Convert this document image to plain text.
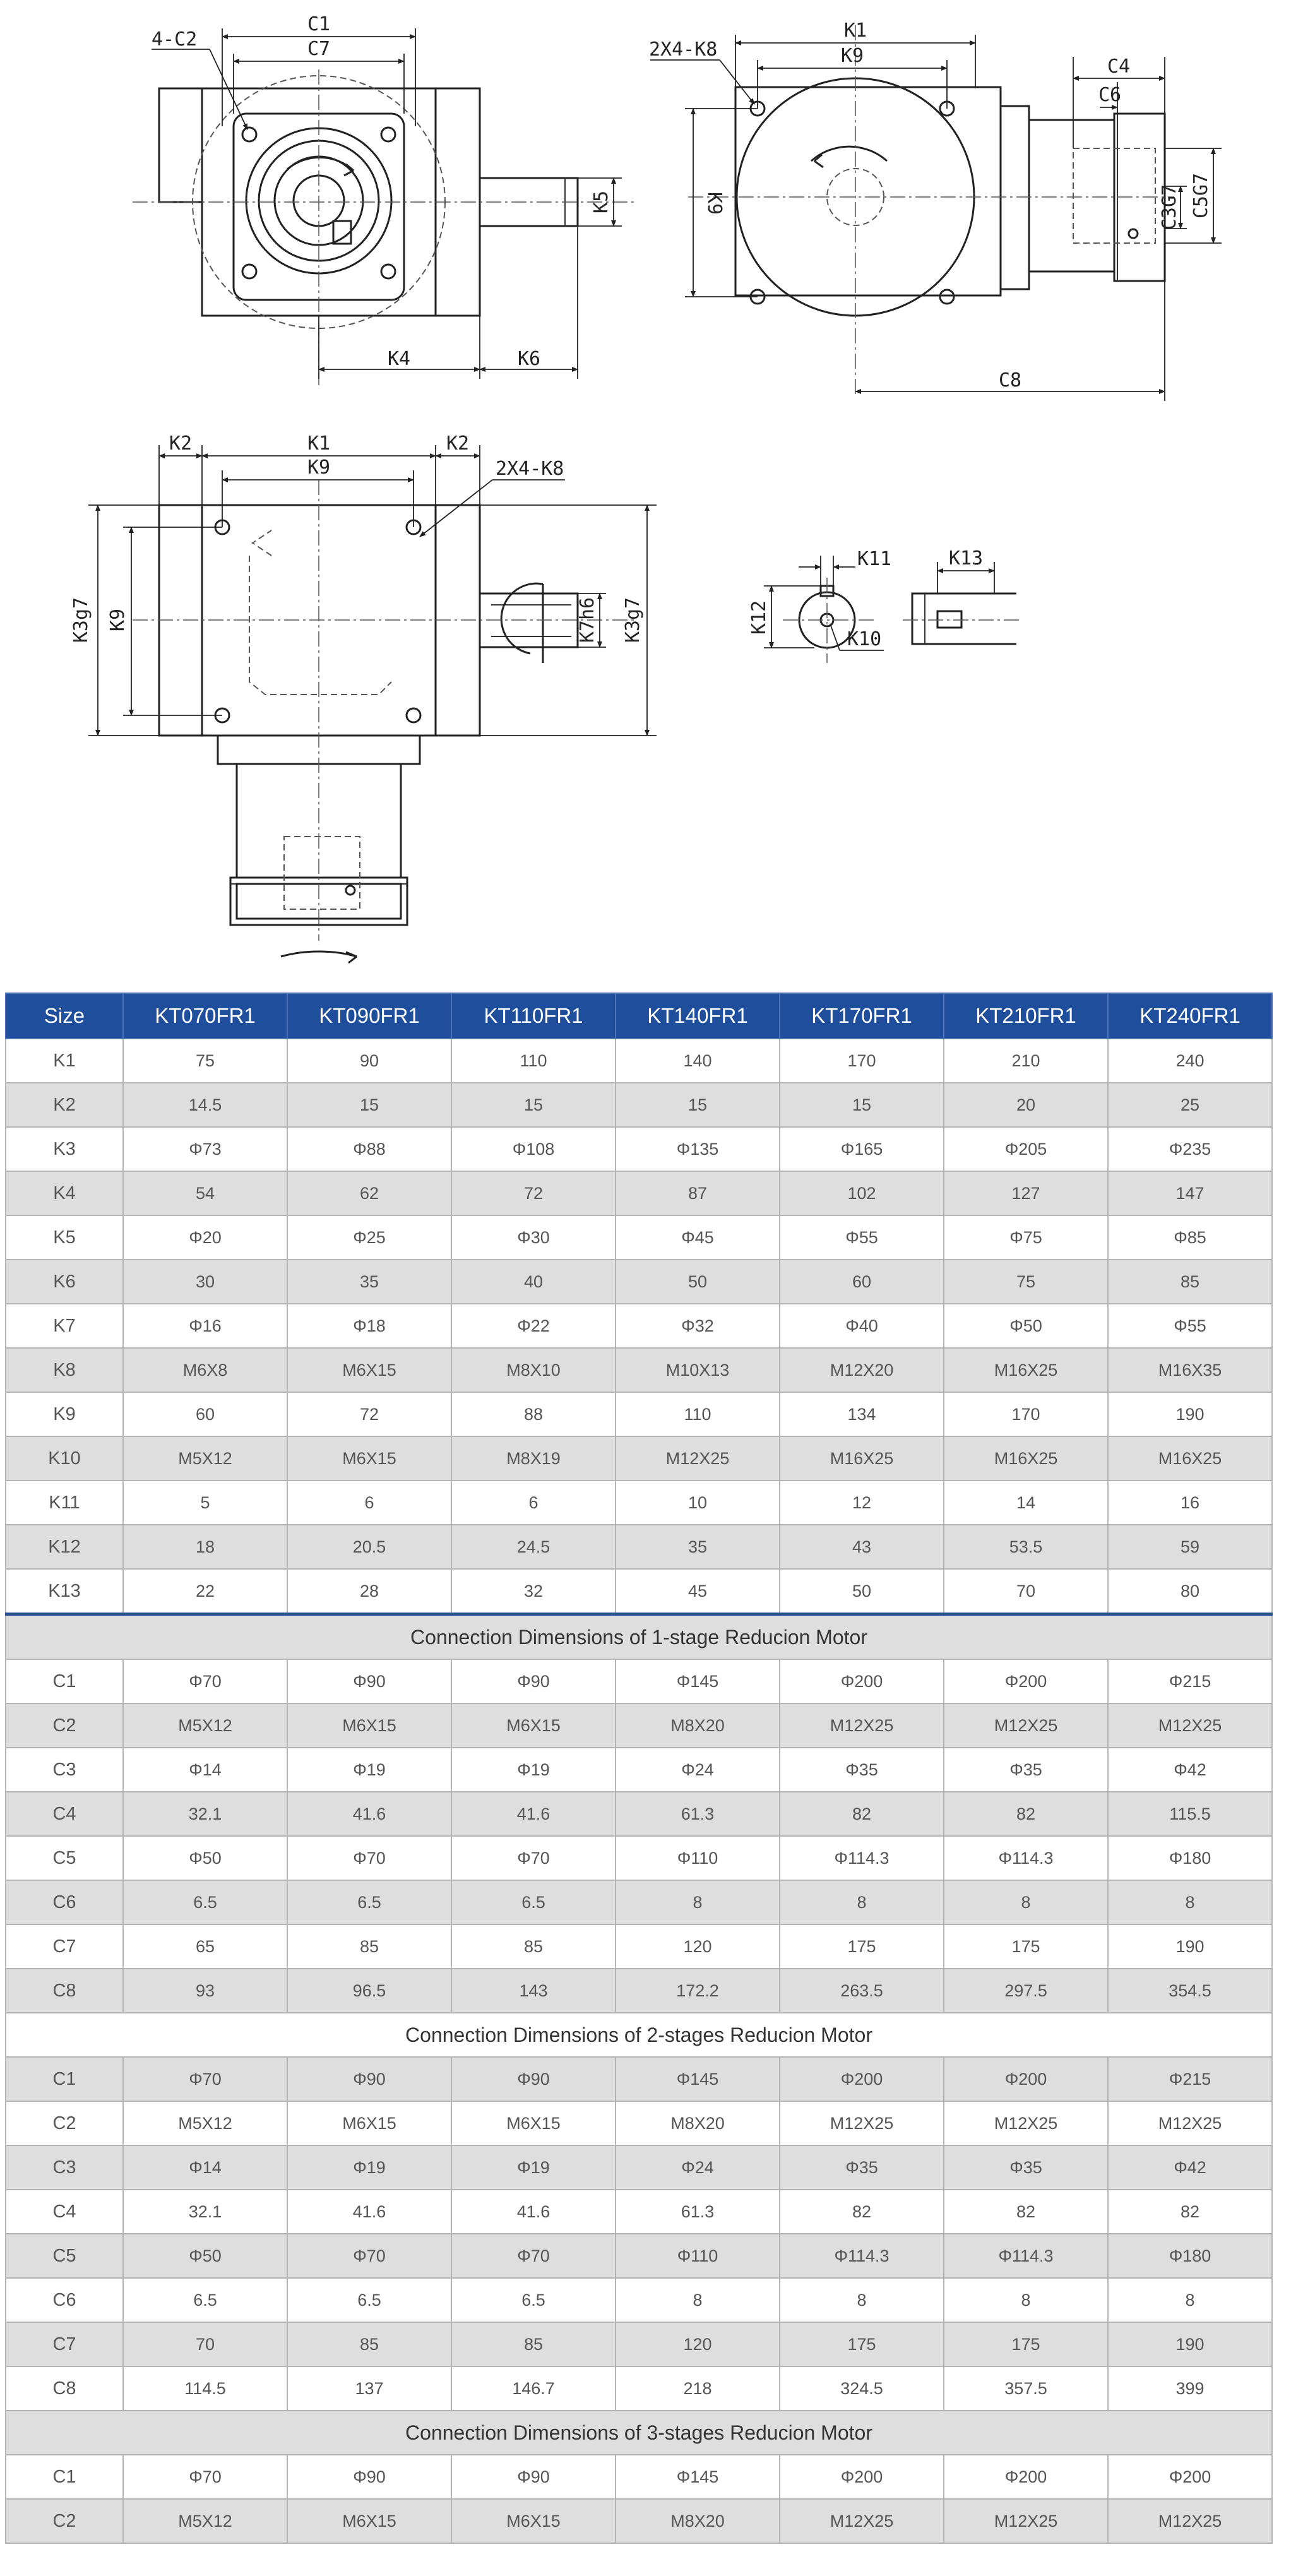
C1
C7
4-C2
K5
K4	K6
K1
K9
2X4-K8
K9
C4
C6
C3G7 C5G7
C8
K2	K1	K2
K9	2X4-K8
K3g7 K9	K7h6 K3g7
K11
K12
K10
K13
Size	KT070FR1	KT090FR1	KT110FR1	KT140FR1	KT170FR1	KT210FR1	KT240FR1
K1	75	90	110	140	170	210	240
K2	14.5	15	15	15	15	20	25
K3	Φ73	Φ88	Φ108	Φ135	Φ165	Φ205	Φ235
K4	54	62	72	87	102	127	147
K5	Φ20	Φ25	Φ30	Φ45	Φ55	Φ75	Φ85
K6	30	35	40	50	60	75	85
K7	Φ16	Φ18	Φ22	Φ32	Φ40	Φ50	Φ55
K8	M6X8	M6X15	M8X10	M10X13	M12X20	M16X25	M16X35
K9	60	72	88	110	134	170	190
K10	M5X12	M6X15	M8X19	M12X25	M16X25	M16X25	M16X25
K11	5	6	6	10	12	14	16
K12	18	20.5	24.5	35	43	53.5	59
K13	22	28	32	45	50	70	80
Connection Dimensions of 1-stage Reducion Motor							
C1	Φ70	Φ90	Φ90	Φ145	Φ200	Φ200	Φ215
C2	M5X12	M6X15	M6X15	M8X20	M12X25	M12X25	M12X25
C3	Φ14	Φ19	Φ19	Φ24	Φ35	Φ35	Φ42
C4	32.1	41.6	41.6	61.3	82	82	115.5
C5	Φ50	Φ70	Φ70	Φ110	Φ114.3	Φ114.3	Φ180
C6	6.5	6.5	6.5	8	8	8	8
C7	65	85	85	120	175	175	190
C8	93	96.5	143	172.2	263.5	297.5	354.5
Connection Dimensions of 2-stages Reducion Motor							
C1	Φ70	Φ90	Φ90	Φ145	Φ200	Φ200	Φ215
C2	M5X12	M6X15	M6X15	M8X20	M12X25	M12X25	M12X25
C3	Φ14	Φ19	Φ19	Φ24	Φ35	Φ35	Φ42
C4	32.1	41.6	41.6	61.3	82	82	82
C5	Φ50	Φ70	Φ70	Φ110	Φ114.3	Φ114.3	Φ180
C6	6.5	6.5	6.5	8	8	8	8
C7	70	85	85	120	175	175	190
C8	114.5	137	146.7	218	324.5	357.5	399
Connection Dimensions of 3-stages Reducion Motor							
C1	Φ70	Φ90	Φ90	Φ145	Φ200	Φ200	Φ200
C2	M5X12	M6X15	M6X15	M8X20	M12X25	M12X25	M12X25
